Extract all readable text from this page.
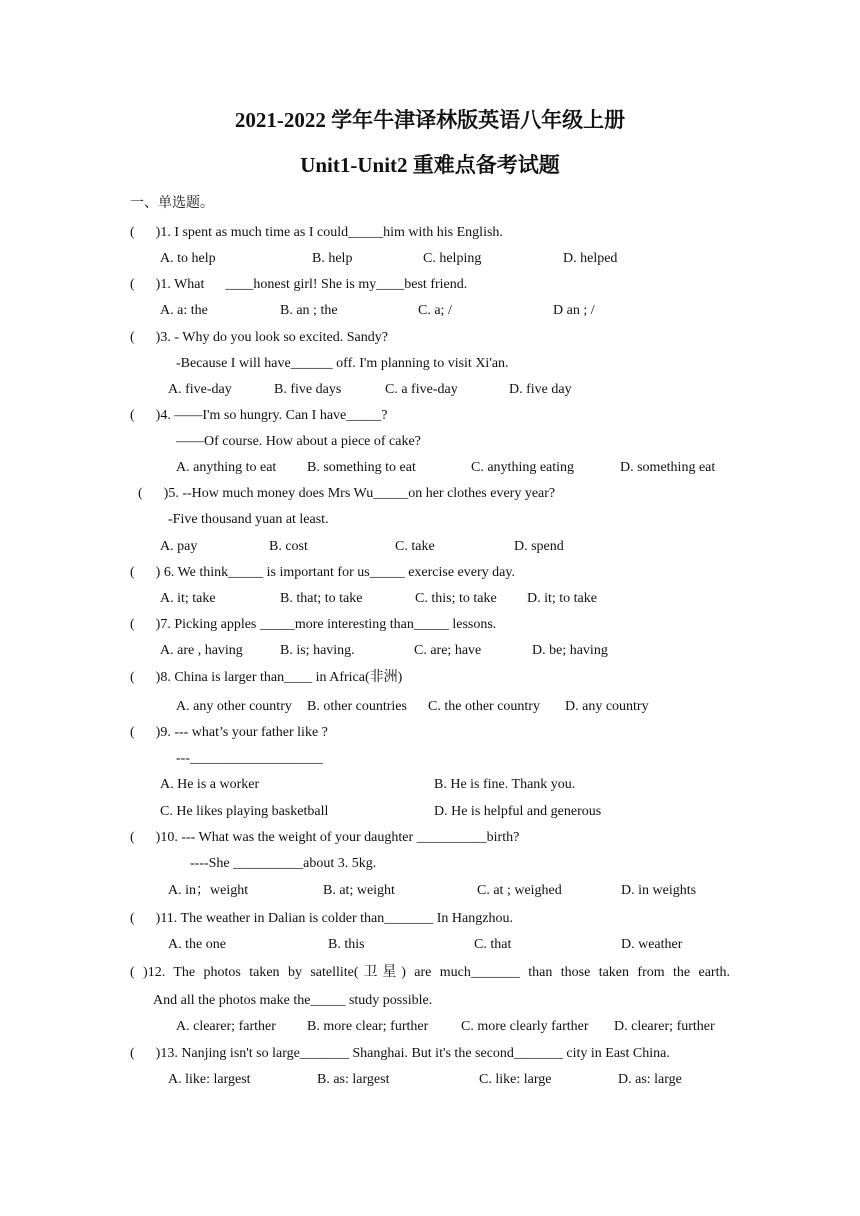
2021-2022 学年牛津译林版英语八年级上册
Unit1-Unit2 重难点备考试题
一、单选题。
(      )1. I spent as much time as I could_____him with his English.
A. to help	B. help	C. helping	D. helped
(      )1. What      ____honest girl! She is my____best friend.
A. a: the	B. an ; the	C. a; /	D an ; /
(      )3. - Why do you look so excited. Sandy?
-Because I will have______ off. I'm planning to visit Xi'an.
A. five-day	B. five days	C. a five-day	D. five day
(      )4. ——I'm so hungry. Can I have_____?
——Of course. How about a piece of cake?
A. anything to eat B. something to eat	C. anything eating	D. something eat
(      )5. --How much money does Mrs Wu_____on her clothes every year?
-Five thousand yuan at least.
A. pay	B. cost	C. take	D. spend
(      ) 6. We think_____ is important for us_____ exercise every day.
A. it; take	B. that; to take	C. this; to take D. it; to take
(      )7. Picking apples _____more interesting than_____ lessons.
A. are , having	B. is; having.	C. are; have	D. be; having
(      )8. China is larger than____ in Africa(非洲)
A. any other country B. other countries C. the other country D. any country
(      )9. --- what’s your father like ?
---___________________
A. He is a worker	B. He is fine. Thank you.
C. He likes playing basketball	D. He is helpful and generous
(      )10. --- What was the weight of your daughter __________birth?
----She __________about 3. 5kg.
A. in；weight	B. at; weight	C. at ; weighed	D. in weights
(      )11. The weather in Dalian is colder than_______ In Hangzhou.
A. the one	B. this	C. that	D. weather
( )12. The photos taken by satellite(卫星) are much_______ than those taken from the earth.
And all the photos make the_____ study possible.
A. clearer; farther B. more clear; further C. more clearly farther D. clearer; further
(      )13. Nanjing isn't so large_______ Shanghai. But it's the second_______ city in East China.
A. like: largest	B. as: largest	C. like: large	D. as: large
